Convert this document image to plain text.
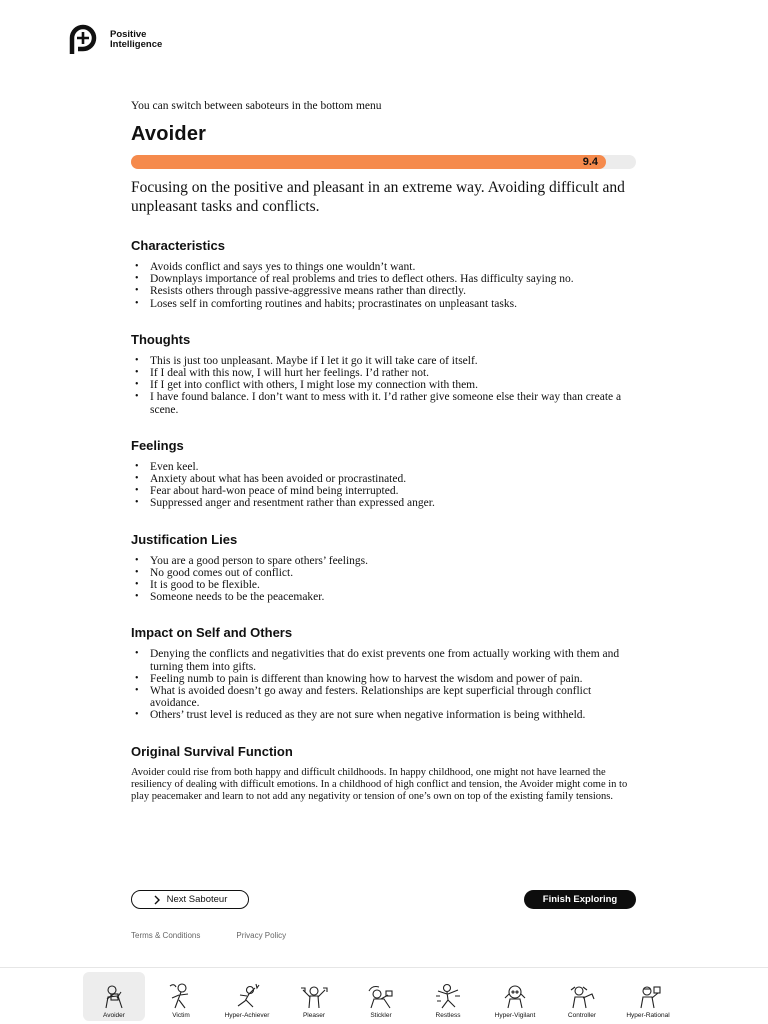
Positive
Intelligence
You can switch between saboteurs in the bottom menu
Avoider
9.4
Focusing on the positive and pleasant in an extreme way. Avoiding difficult and unpleasant tasks and conflicts.
Characteristics
• Avoids conflict and says yes to things one wouldn’t want.
• Downplays importance of real problems and tries to deflect others. Has difficulty saying no.
• Resists others through passive-aggressive means rather than directly.
• Loses self in comforting routines and habits; procrastinates on unpleasant tasks.
Thoughts
• This is just too unpleasant. Maybe if I let it go it will take care of itself.
• If I deal with this now, I will hurt her feelings. I’d rather not.
• If I get into conflict with others, I might lose my connection with them.
• I have found balance. I don’t want to mess with it. I’d rather give someone else their way than create a scene.
Feelings
• Even keel.
• Anxiety about what has been avoided or procrastinated.
• Fear about hard-won peace of mind being interrupted.
• Suppressed anger and resentment rather than expressed anger.
Justification Lies
• You are a good person to spare others’ feelings.
• No good comes out of conflict.
• It is good to be flexible.
• Someone needs to be the peacemaker.
Impact on Self and Others
• Denying the conflicts and negativities that do exist prevents one from actually working with them and turning them into gifts.
• Feeling numb to pain is different than knowing how to harvest the wisdom and power of pain.
• What is avoided doesn’t go away and festers. Relationships are kept superficial through conflict avoidance.
• Others’ trust level is reduced as they are not sure when negative information is being withheld.
Original Survival Function

Avoider could rise from both happy and difficult childhoods. In happy childhood, one might not have learned the resiliency of dealing with difficult emotions. In a childhood of high conflict and tension, the Avoider might come in to play peacemaker and learn to not add any negativity or tension of one’s own on top of the existing family tensions.

Next Saboteur	Finish Exploring
Terms & Conditions	Privacy Policy
Avoider	Victim	Hyper-Achiever	Pleaser	Stickler	Restless	Hyper-Vigilant	Controller	Hyper-Rational
